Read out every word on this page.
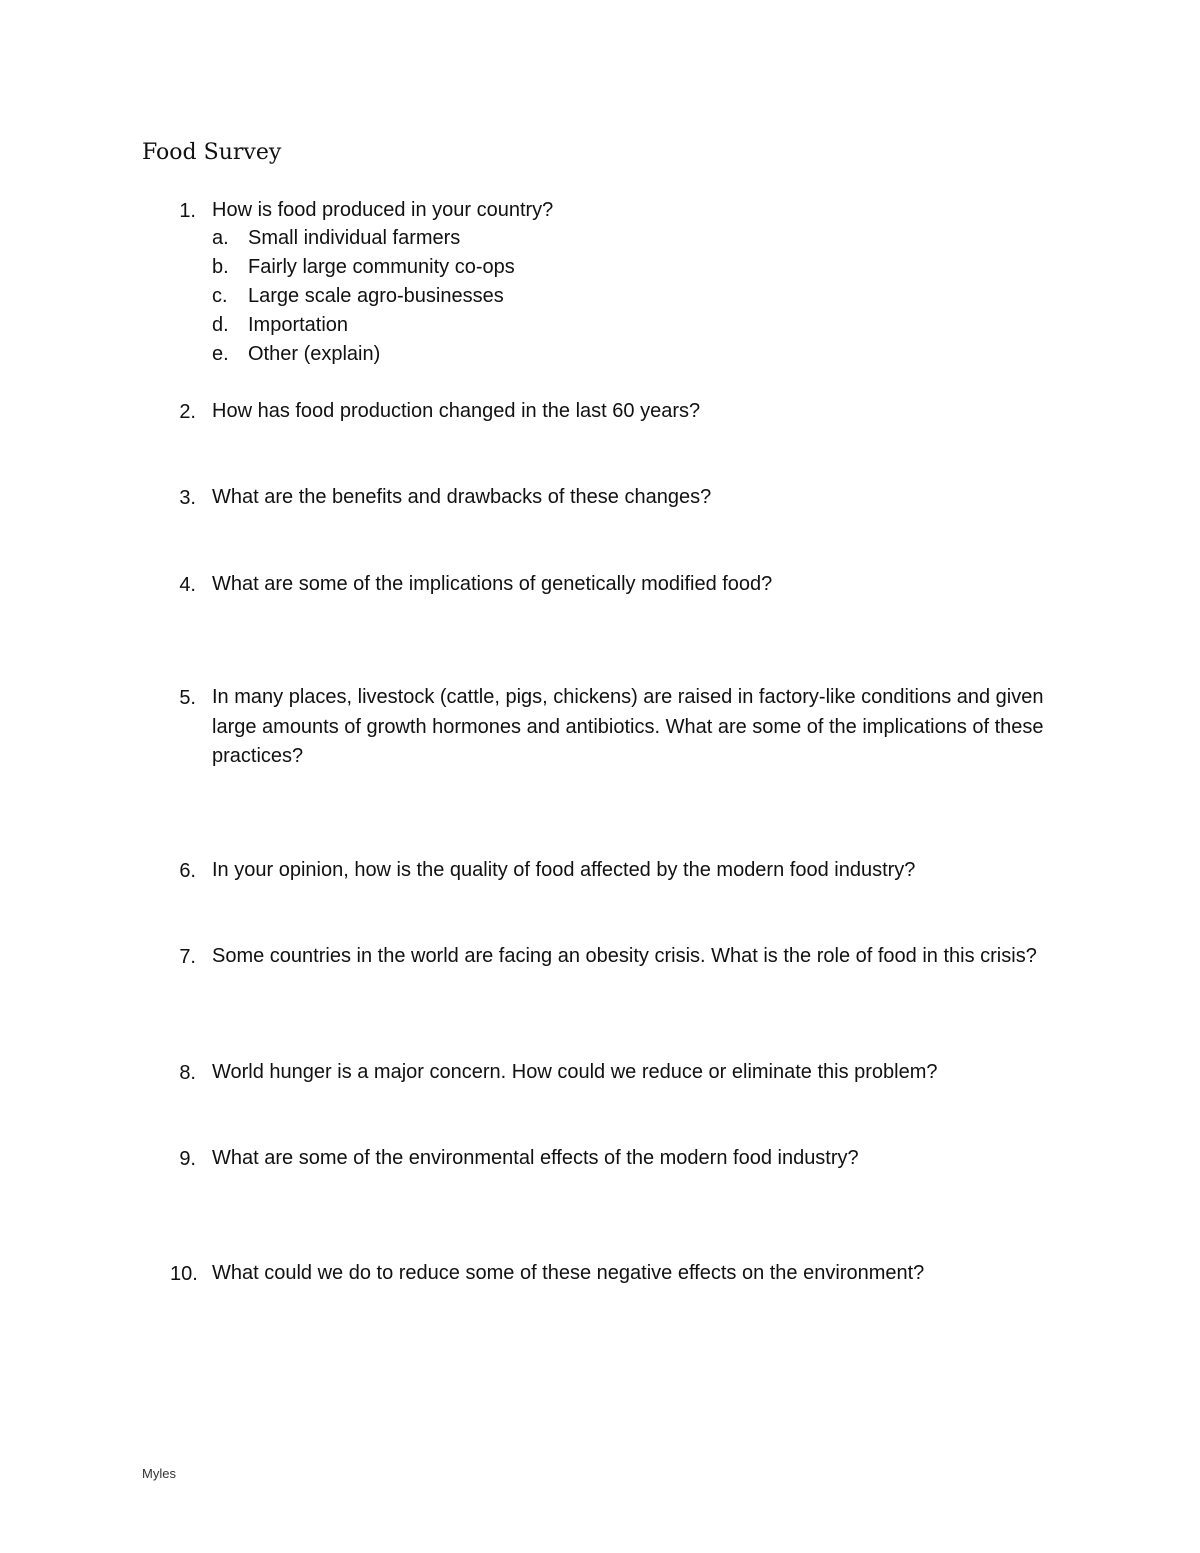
Food Survey
1. How is food produced in your country?
a. Small individual farmers
b. Fairly large community co-ops
c. Large scale agro-businesses
d. Importation
e. Other (explain)
2. How has food production changed in the last 60 years?
3. What are the benefits and drawbacks of these changes?
4. What are some of the implications of genetically modified food?
5. In many places, livestock (cattle, pigs, chickens) are raised in factory-like conditions and given large amounts of growth hormones and antibiotics. What are some of the implications of these practices?
6. In your opinion, how is the quality of food affected by the modern food industry?
7. Some countries in the world are facing an obesity crisis. What is the role of food in this crisis?
8. World hunger is a major concern. How could we reduce or eliminate this problem?
9. What are some of the environmental effects of the modern food industry?
10. What could we do to reduce some of these negative effects on the environment?
Myles
